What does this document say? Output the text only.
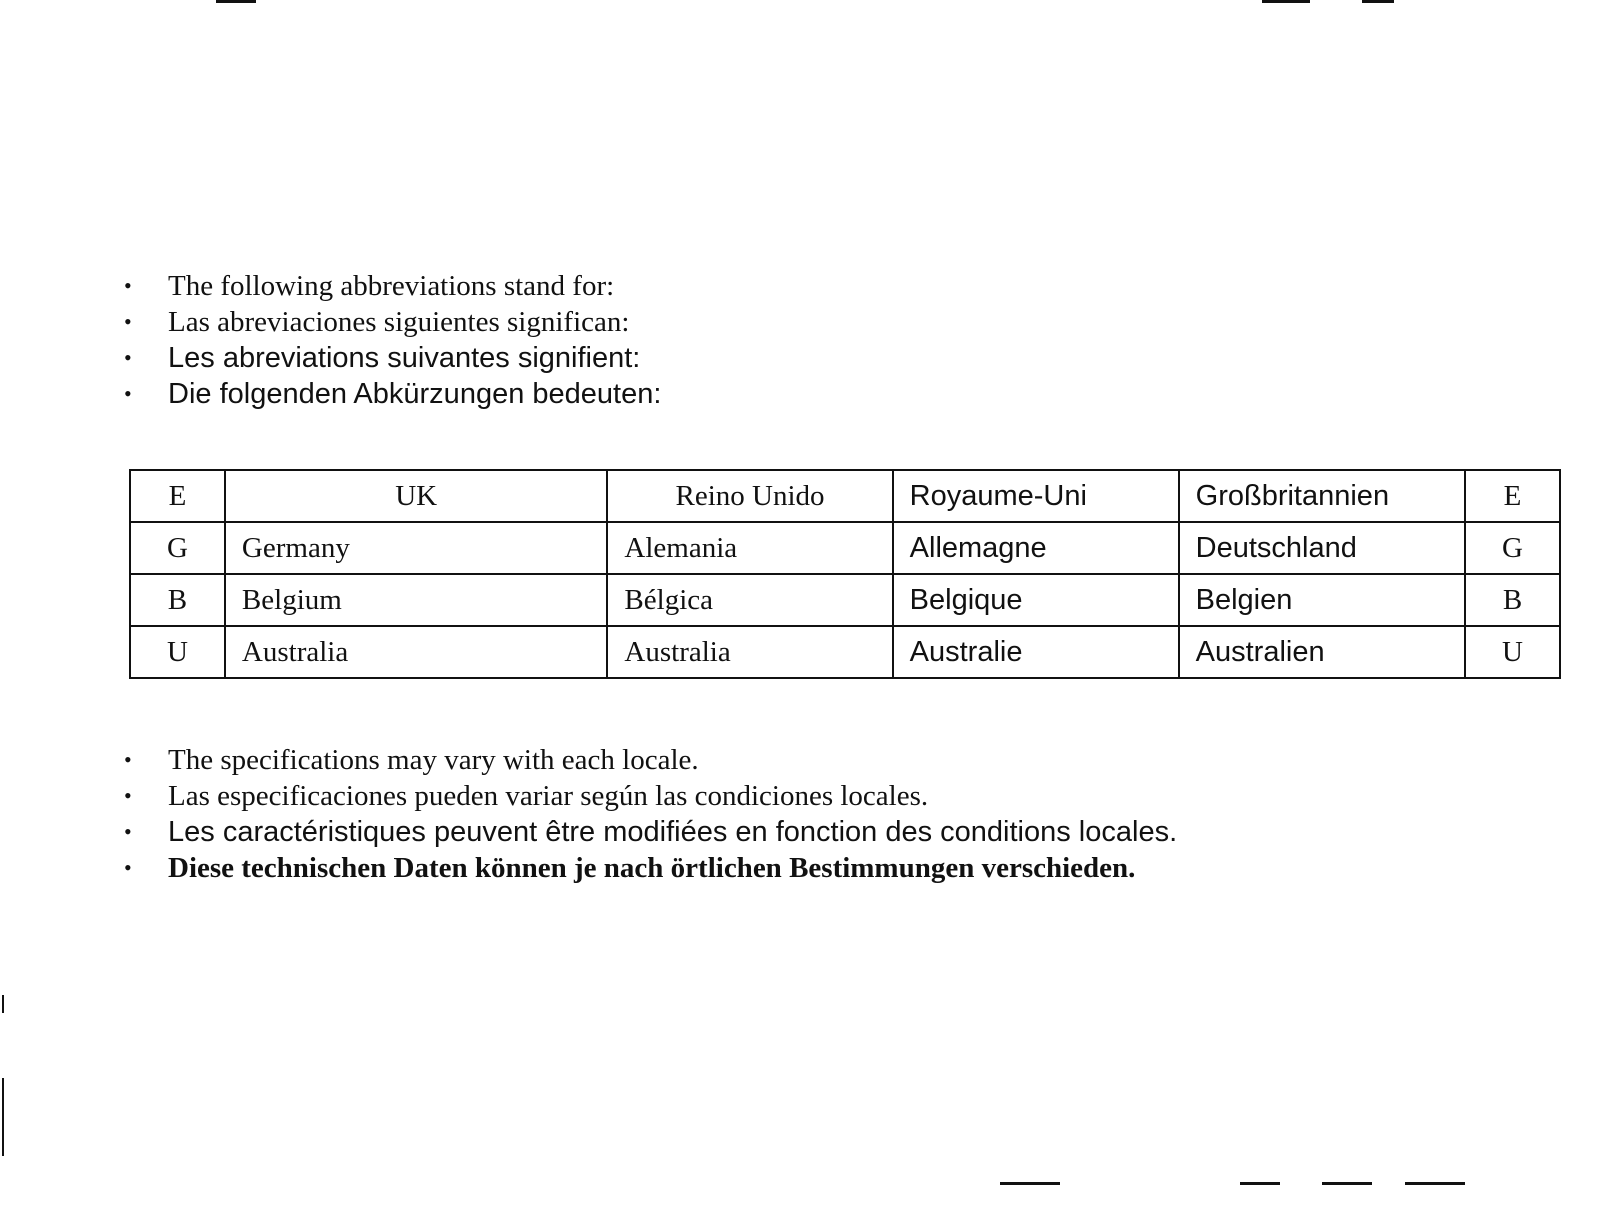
• The following abbreviations stand for:
• Las abreviaciones siguientes significan:
• Les abreviations suivantes signifient:
• Die folgenden Abkürzungen bedeuten:
E	UK	Reino Unido	Royaume-Uni	Großbritannien	E
G	Germany	Alemania	Allemagne	Deutschland	G
B	Belgium	Bélgica	Belgique	Belgien	B
U	Australia	Australia	Australie	Australien	U
• The specifications may vary with each locale.
• Las especificaciones pueden variar según las condiciones locales.
• Les caractéristiques peuvent être modifiées en fonction des conditions locales.
• Diese technischen Daten können je nach örtlichen Bestimmungen verschieden.
